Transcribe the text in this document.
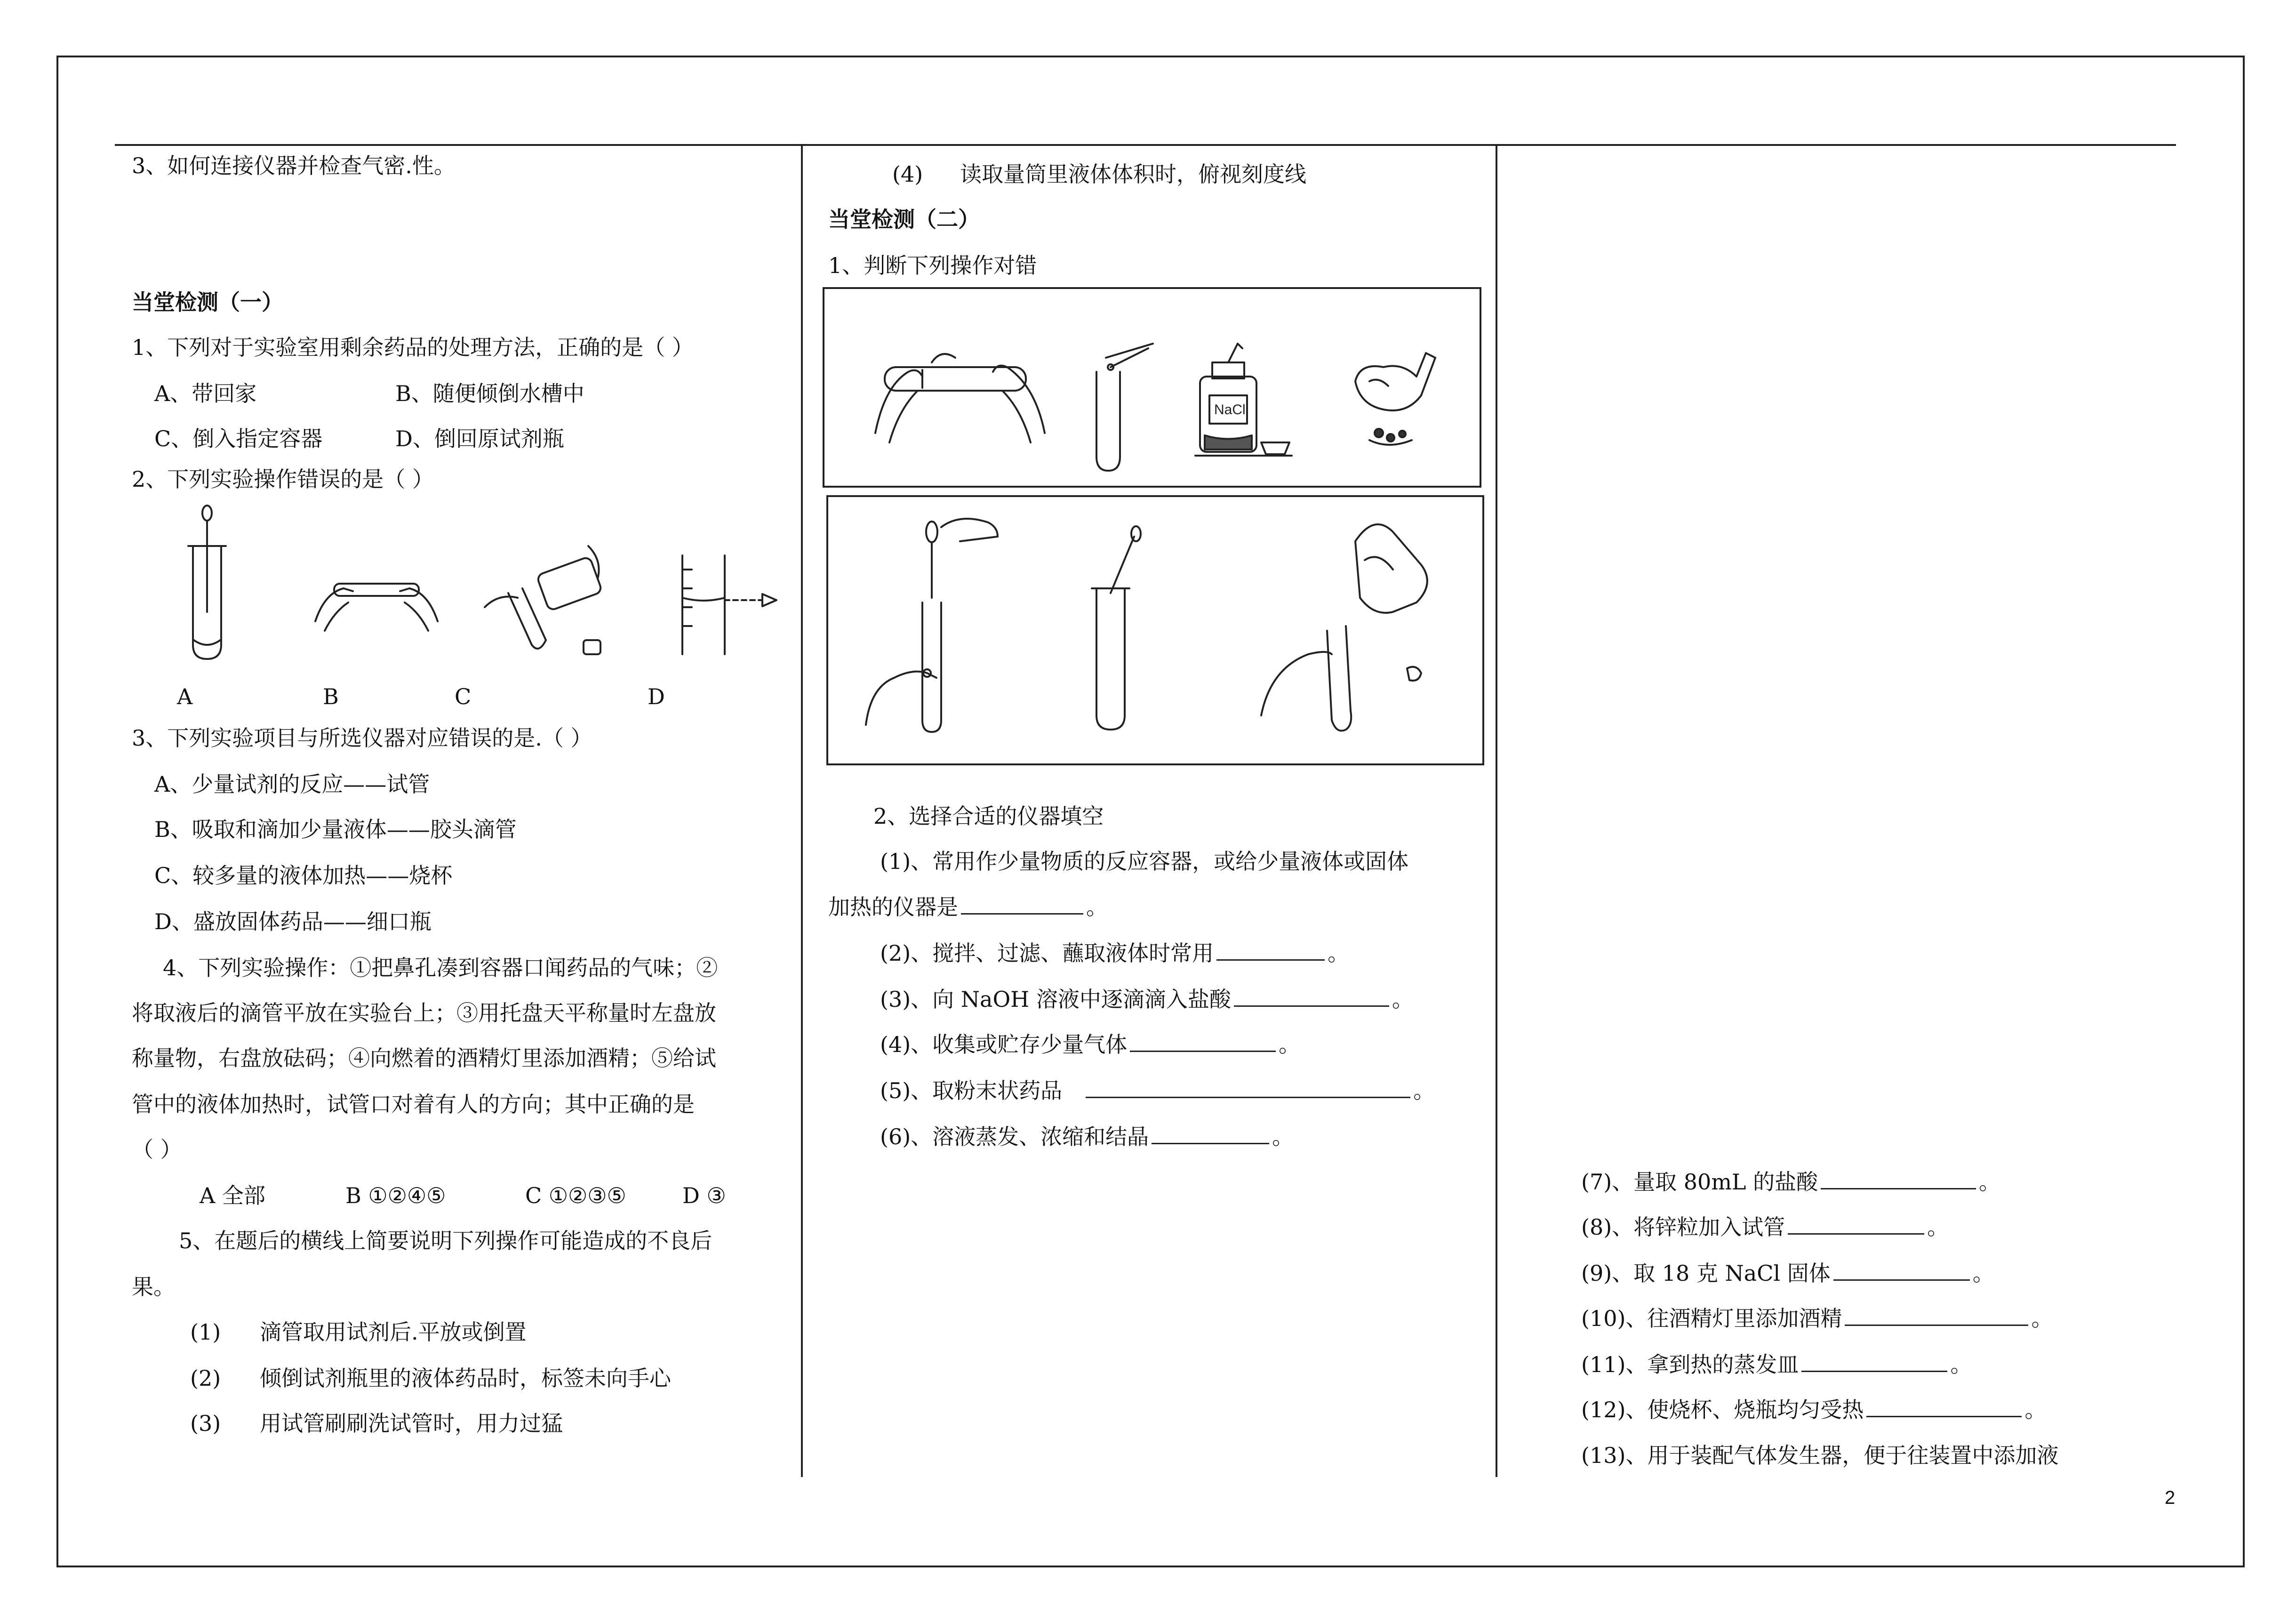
3、如何连接仪器并检查气密.性。
当堂检测（一）
1、下列对于实验室用剩余药品的处理方法，正确的是（ ）
A、带回家	B、随便倾倒水槽中
C、倒入指定容器	D、倒回原试剂瓶
2、下列实验操作错误的是（ ）
A	B	C	D
3、下列实验项目与所选仪器对应错误的是.（ ）
A、少量试剂的反应——试管
B、吸取和滴加少量液体——胶头滴管
C、较多量的液体加热——烧杯
D、盛放固体药品——细口瓶
4、下列实验操作：①把鼻孔凑到容器口闻药品的气味；②
将取液后的滴管平放在实验台上；③用托盘天平称量时左盘放
称量物，右盘放砝码；④向燃着的酒精灯里添加酒精；⑤给试
管中的液体加热时，试管口对着有人的方向；其中正确的是
（ ）
A 全部	B ①②④⑤	C ①②③⑤	D ③
5、在题后的横线上简要说明下列操作可能造成的不良后
果。
(1) 滴管取用试剂后.平放或倒置
(2) 倾倒试剂瓶里的液体药品时，标签未向手心
(3) 用试管刷刷洗试管时，用力过猛
(4) 读取量筒里液体体积时，俯视刻度线
当堂检测（二）
1、判断下列操作对错
NaCl
2、选择合适的仪器填空
(1)、常用作少量物质的反应容器，或给少量液体或固体
加热的仪器是	。
(2)、搅拌、过滤、蘸取液体时常用	。
(3)、向 NaOH 溶液中逐滴滴入盐酸	。
(4)、收集或贮存少量气体	。
(5)、取粉末状药品	。
(6)、溶液蒸发、浓缩和结晶	。
(7)、量取 80mL 的盐酸	。
(8)、将锌粒加入试管	。
(9)、取 18 克 NaCl 固体	。
(10)、往酒精灯里添加酒精	。
(11)、拿到热的蒸发皿	。
(12)、使烧杯、烧瓶均匀受热	。
(13)、用于装配气体发生器，便于往装置中添加液
2
